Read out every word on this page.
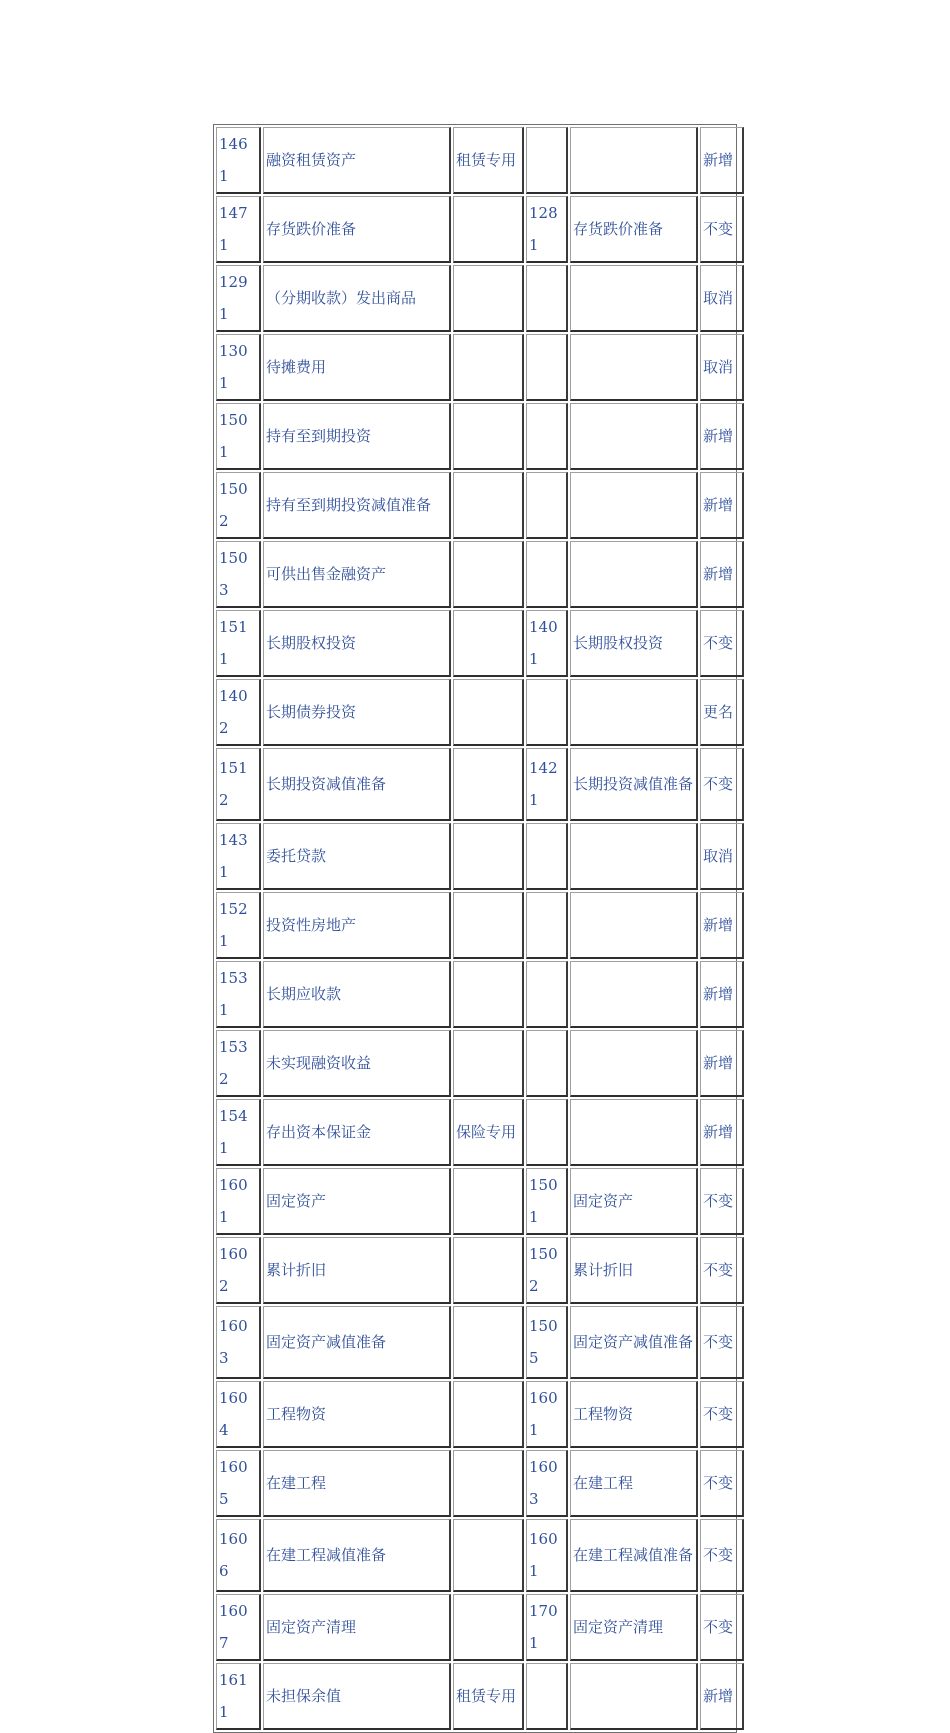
1461	融资租赁资产	租赁专用			新增
1471	存货跌价准备		1281	存货跌价准备	不变
1291	（分期收款）发出商品				取消
1301	待摊费用				取消
1501	持有至到期投资				新增
1502	持有至到期投资减值准备				新增
1503	可供出售金融资产				新增
1511	长期股权投资		1401	长期股权投资	不变
1402	长期债券投资				更名
1512	长期投资减值准备		1421	长期投资减值准备	不变
1431	委托贷款				取消
1521	投资性房地产				新增
1531	长期应收款				新增
1532	未实现融资收益				新增
1541	存出资本保证金	保险专用			新增
1601	固定资产		1501	固定资产	不变
1602	累计折旧		1502	累计折旧	不变
1603	固定资产减值准备		1505	固定资产减值准备	不变
1604	工程物资		1601	工程物资	不变
1605	在建工程		1603	在建工程	不变
1606	在建工程减值准备		1601	在建工程减值准备	不变
1607	固定资产清理		1701	固定资产清理	不变
1611	未担保余值	租赁专用			新增
